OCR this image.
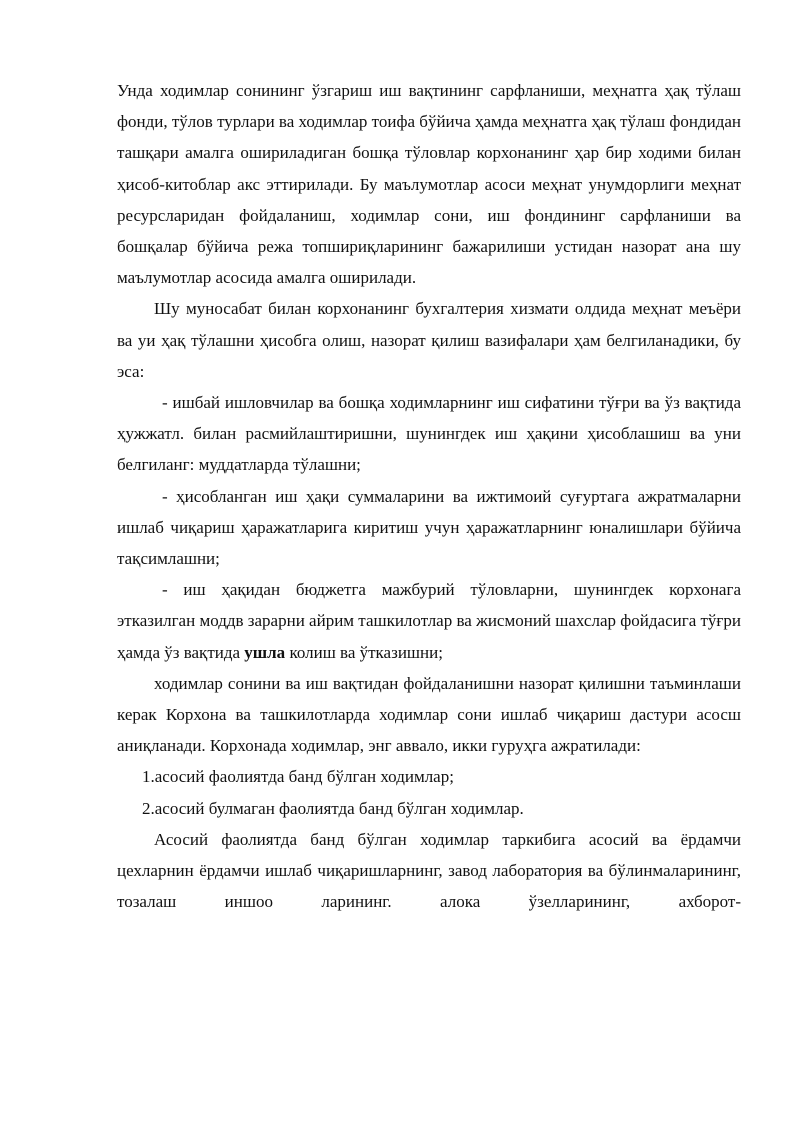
Унда ходимлар сонининг ўзгариш иш вақтининг сарфланиши, меҳнатга ҳақ тўлаш фонди, тўлов турлари ва ходимлар тоифа бўйича ҳамда меҳнатга ҳақ тўлаш фондидан ташқари амалга ошириладиган бошқа тўловлар корхонанинг ҳар бир ходими билан ҳисоб-китоблар акс эттирилади. Бу маълумотлар асоси меҳнат унумдорлиги меҳнат ресурсларидан фойдаланиш, ходимлар сони, иш фондининг сарфланиши ва бошқалар бўйича режа топшириқларининг бажарилиши устидан назорат ана шу маълумотлар асосида амалга оширилади.

Шу муносабат билан корхонанинг бухгалтерия хизмати олдида меҳнат меъёри ва уи ҳақ тўлашни ҳисобга олиш, назорат қилиш вазифалари ҳам белгиланадики, бу эса:

- ишбай ишловчилар ва бошқа ходимларнинг иш сифатини тўғри ва ўз вақтида ҳужжатл. билан расмийлаштиришни, шунингдек иш ҳақини ҳисоблашиш ва уни белгиланг: муддатларда тўлашни;

- ҳисобланган иш ҳақи суммаларини ва ижтимоий суғуртага ажратмаларни ишлаб чиқариш ҳаражатларига киритиш учун ҳаражатларнинг юналишлари бўйича тақсимлашни;

- иш ҳақидан бюджетга мажбурий тўловларни, шунингдек корхонага этказилган моддв зарарни айрим ташкилотлар ва жисмоний шахслар фойдасига тўғри ҳамда ўз вақтида ушла колиш ва ўтказишни;

ходимлар сонини ва иш вақтидан фойдаланишни назорат қилишни таъминлаши керак Корхона ва ташкилотларда ходимлар сони ишлаб чиқариш дастури асосш аниқланади. Корхонада ходимлар, энг аввало, икки гуруҳга ажратилади:

1.асосий фаолиятда банд бўлган ходимлар;

2.асосий булмаган фаолиятда банд бўлган ходимлар.

Асосий фаолиятда банд бўлган ходимлар таркибига асосий ва ёрдамчи цехларнин ёрдамчи ишлаб чиқаришларнинг, завод лаборатория ва бўлинмаларининг, тозалаш иншоо ларининг. алока ўзелларининг, ахборот-
